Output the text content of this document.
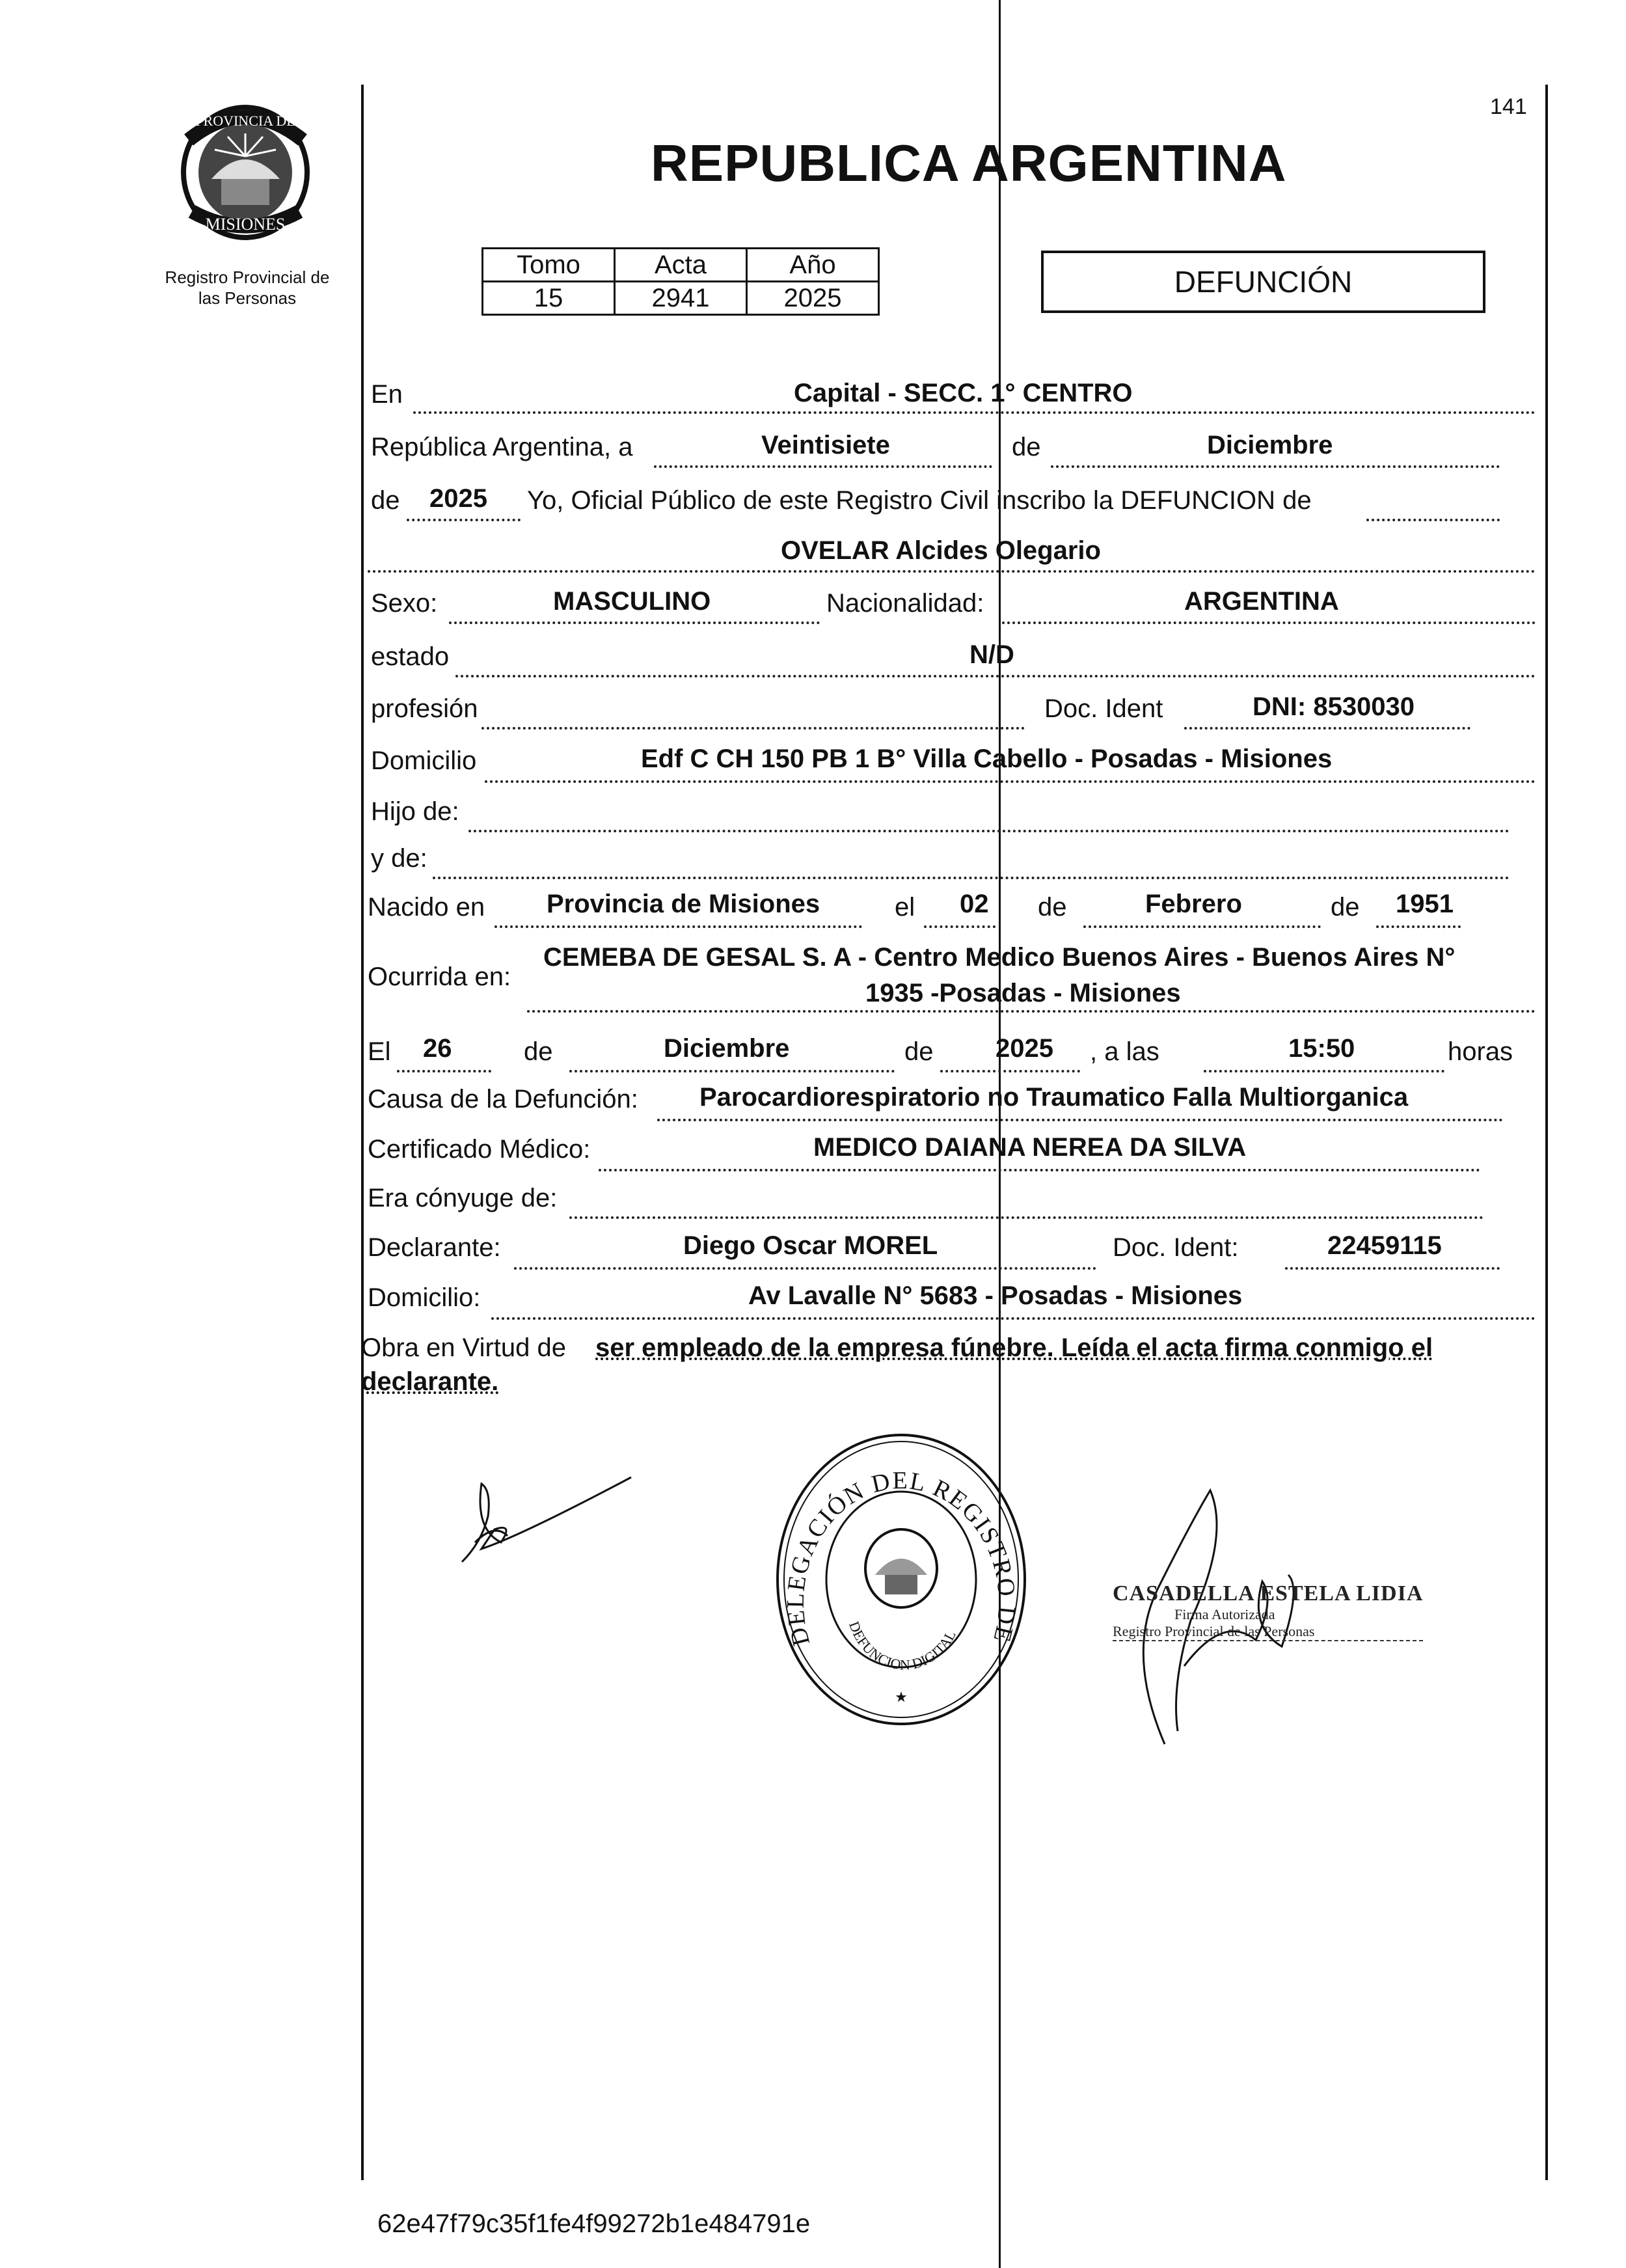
PROVINCIA DE
MISIONES
Registro Provincial de
las Personas
141
REPUBLICA ARGENTINA
Tomo	Acta	Año
15	2941	2025	DEFUNCIÓN
En	Capital - SECC. 1° CENTRO
República Argentina, a	Veintisiete	de	Diciembre
de 2025 Yo, Oficial Público de este Registro Civil inscribo la DEFUNCION de
OVELAR Alcides Olegario
Sexo:	MASCULINO	Nacionalidad:	ARGENTINA
estado	N/D
profesión	Doc. Ident	DNI: 8530030
Domicilio	Edf C CH 150 PB 1 B° Villa Cabello - Posadas - Misiones
Hijo de:
y de:
Nacido en Provincia de Misiones	el 02 de	Febrero	de 1951
Ocurrida en:
CEMEBA DE GESAL S. A - Centro Medico Buenos Aires - Buenos Aires N°
1935 -Posadas - Misiones
El 26	de	Diciembre	de 2025 , a las	15:50	horas
Causa de la Defunción: Parocardiorespiratorio no Traumatico Falla Multiorganica
Certificado Médico:	MEDICO DAIANA NEREA DA SILVA
Era cónyuge de:
Declarante:	Diego Oscar MOREL	Doc. Ident:	22459115
Domicilio:	Av Lavalle N° 5683 - Posadas - Misiones
Obra en Virtud de ser empleado de la empresa fúnebre. Leída el acta firma conmigo el
declarante.
DELEGACIÓN DEL REGISTRO DE
DEFUNCION DIGITAL
★
CASADELLA ESTELA LIDIA
Firma Autorizada
Registro Provincial de las Personas
62e47f79c35f1fe4f99272b1e484791e
